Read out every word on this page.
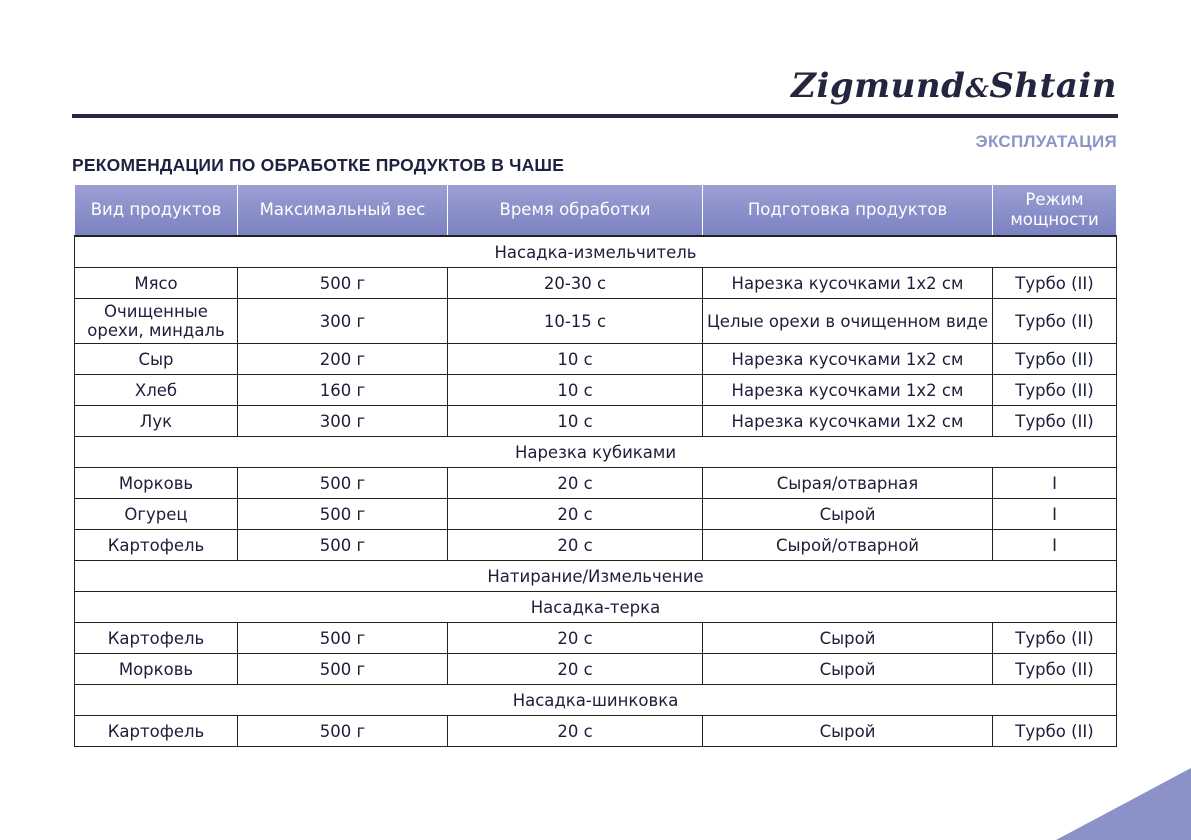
Zigmund&Shtain
ЭКСПЛУАТАЦИЯ
РЕКОМЕНДАЦИИ ПО ОБРАБОТКЕ ПРОДУКТОВ В ЧАШЕ
Вид продуктов	Максимальный вес	Время обработки	Подготовка продуктов	Режим мощности
Насадка-измельчитель				
Мясо	500 г	20-30 с	Нарезка кусочками 1х2 см	Турбо (II)
Очищенные орехи, миндаль	300 г	10-15 с	Целые орехи в очищенном виде	Турбо (II)
Сыр	200 г	10 с	Нарезка кусочками 1х2 см	Турбо (II)
Хлеб	160 г	10 с	Нарезка кусочками 1х2 см	Турбо (II)
Лук	300 г	10 с	Нарезка кусочками 1х2 см	Турбо (II)
Нарезка кубиками				
Морковь	500 г	20 с	Сырая/отварная	I
Огурец	500 г	20 с	Сырой	I
Картофель	500 г	20 с	Сырой/отварной	I
Натирание/Измельчение				
Насадка-терка				
Картофель	500 г	20 с	Сырой	Турбо (II)
Морковь	500 г	20 с	Сырой	Турбо (II)
Насадка-шинковка				
Картофель	500 г	20 с	Сырой	Турбо (II)
